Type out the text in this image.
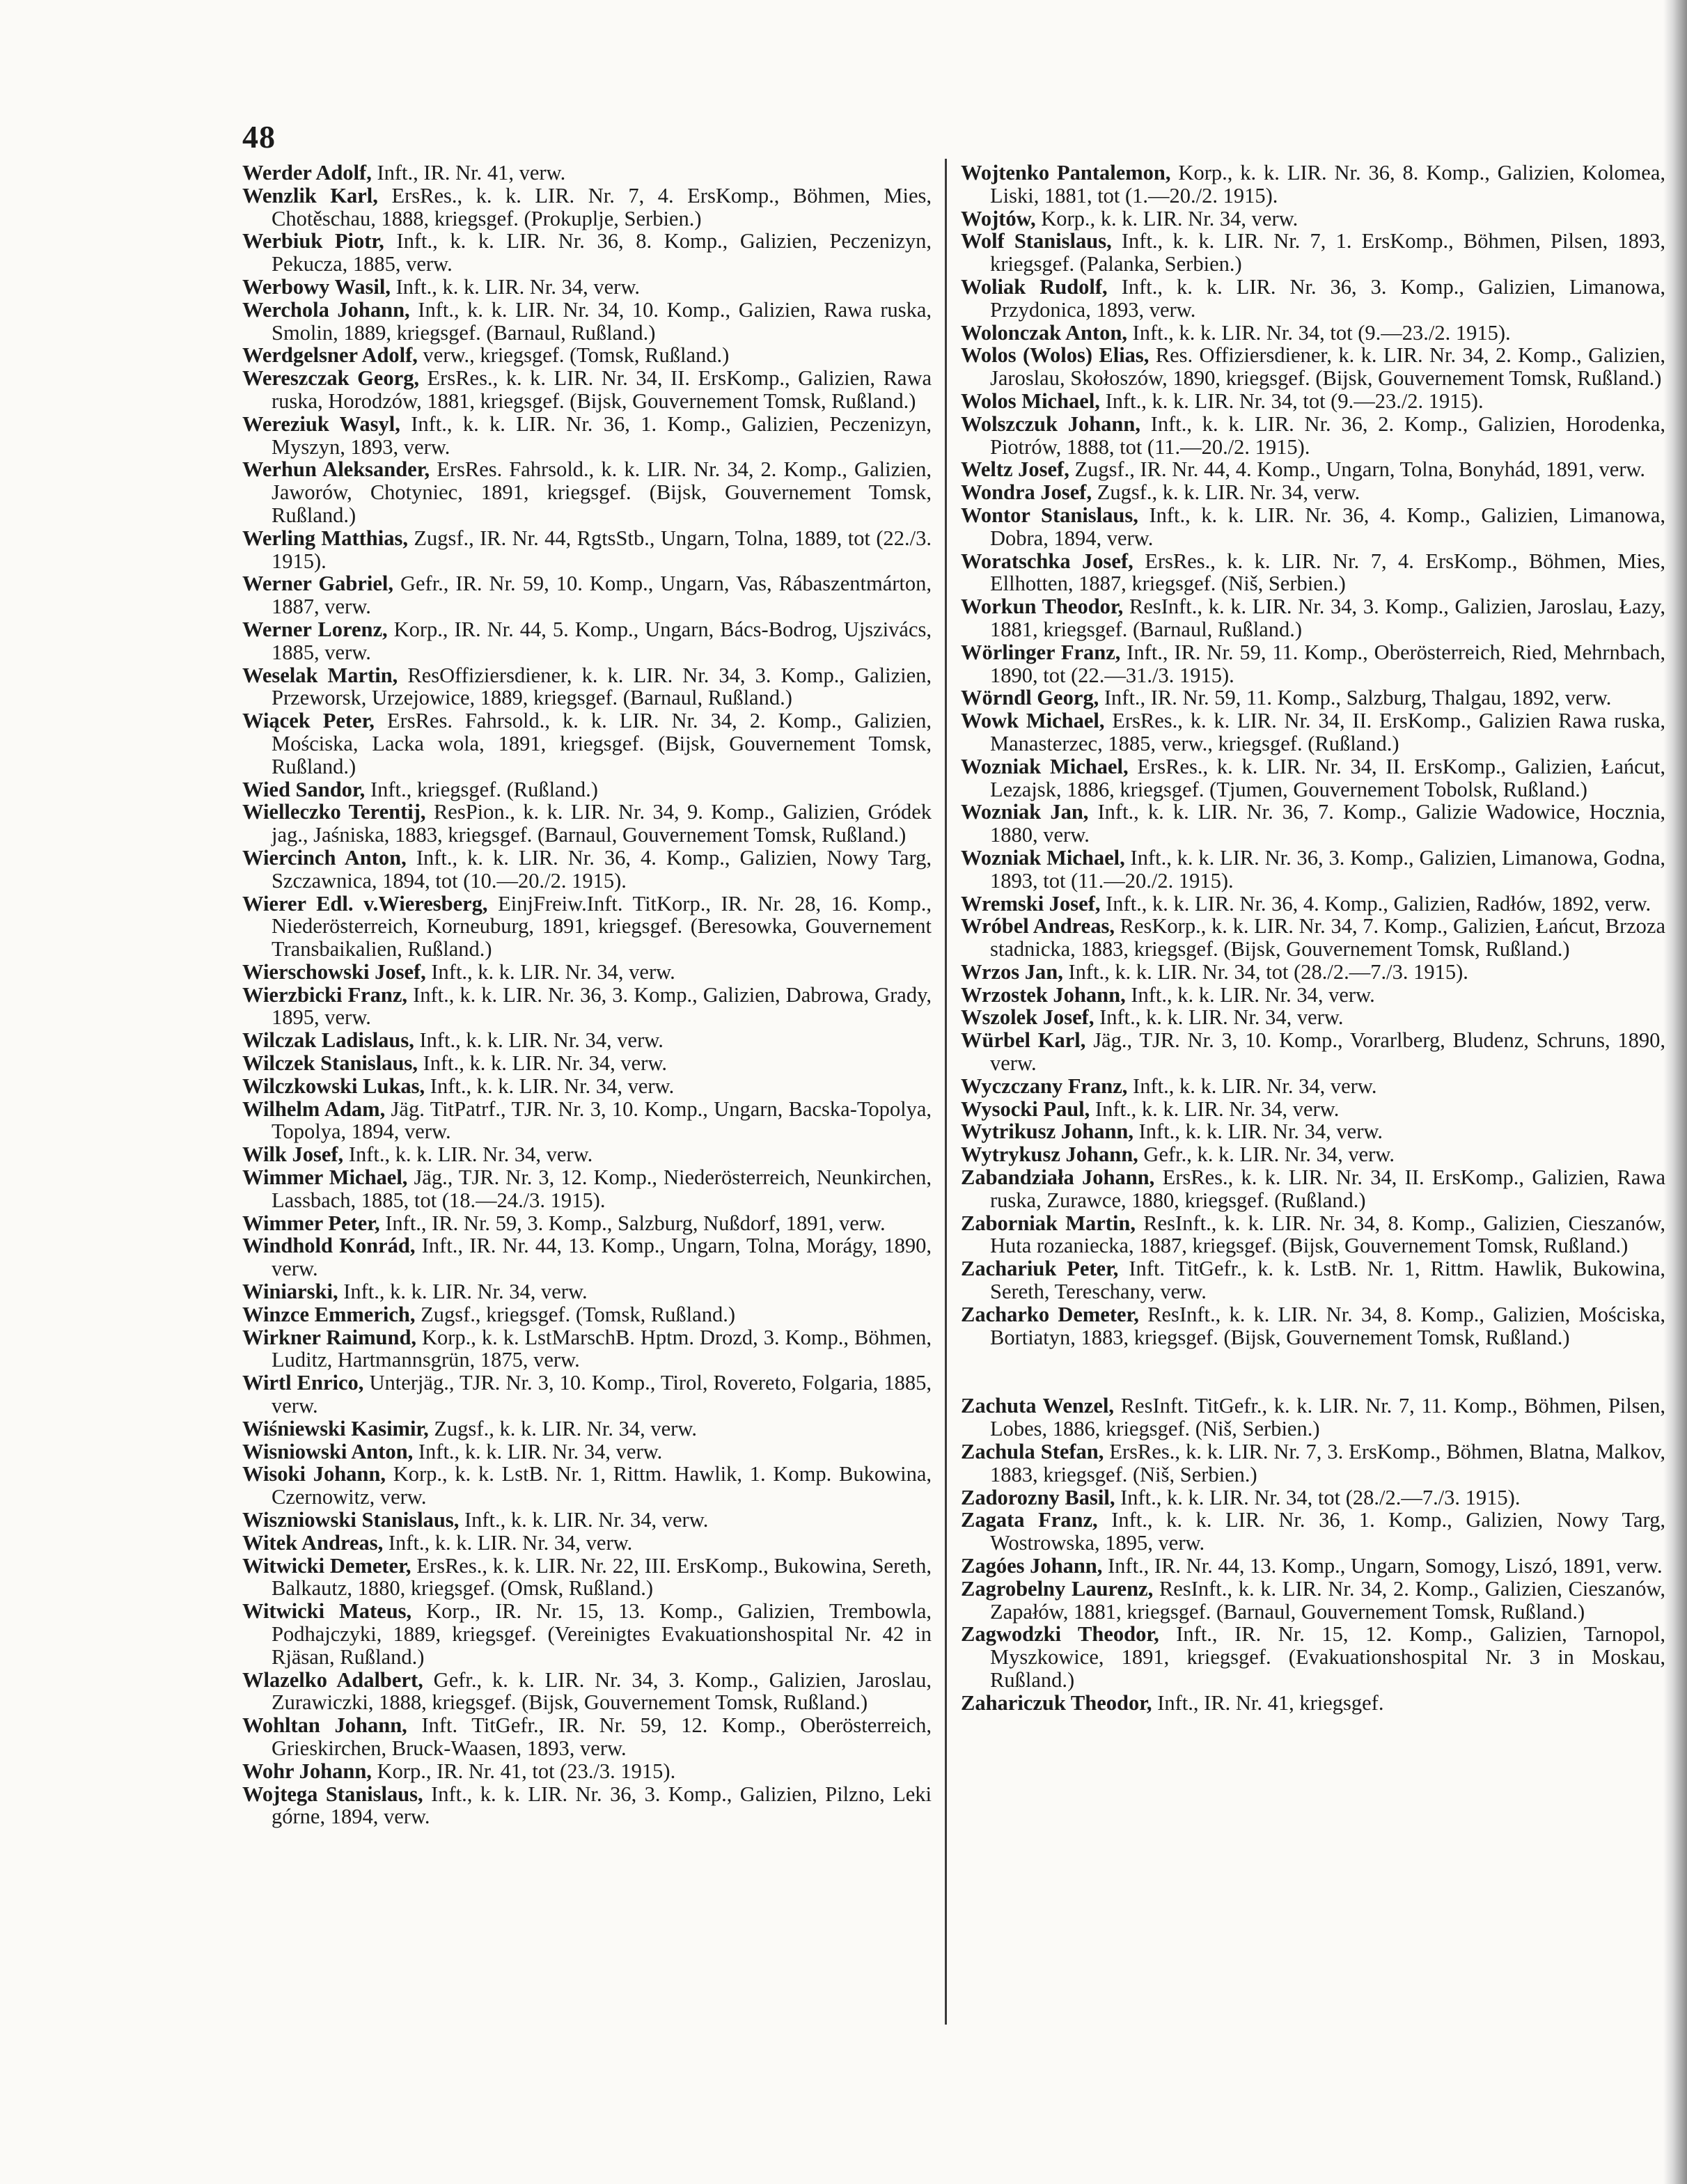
48

Werder Adolf, Inft., IR. Nr. 41, verw.

Wenzlik Karl, ErsRes., k. k. LIR. Nr. 7, 4. ErsKomp., Böhmen, Mies, Chotěschau, 1888, kriegsgef. (Prokuplje, Serbien.)

Werbiuk Piotr, Inft., k. k. LIR. Nr. 36, 8. Komp., Galizien, Peczenizyn, Pekucza, 1885, verw.

Werbowy Wasil, Inft., k. k. LIR. Nr. 34, verw.

Werchola Johann, Inft., k. k. LIR. Nr. 34, 10. Komp., Galizien, Rawa ruska, Smolin, 1889, kriegsgef. (Barnaul, Rußland.)

Werdgelsner Adolf, verw., kriegsgef. (Tomsk, Rußland.)

Wereszczak Georg, ErsRes., k. k. LIR. Nr. 34, II. ErsKomp., Galizien, Rawa ruska, Horodzów, 1881, kriegsgef. (Bijsk, Gouvernement Tomsk, Rußland.)

Wereziuk Wasyl, Inft., k. k. LIR. Nr. 36, 1. Komp., Galizien, Peczenizyn, Myszyn, 1893, verw.

Werhun Aleksander, ErsRes. Fahrsold., k. k. LIR. Nr. 34, 2. Komp., Galizien, Jaworów, Chotyniec, 1891, kriegsgef. (Bijsk, Gouvernement Tomsk, Rußland.)

Werling Matthias, Zugsf., IR. Nr. 44, RgtsStb., Ungarn, Tolna, 1889, tot (22./3. 1915).

Werner Gabriel, Gefr., IR. Nr. 59, 10. Komp., Ungarn, Vas, Rábaszentmárton, 1887, verw.

Werner Lorenz, Korp., IR. Nr. 44, 5. Komp., Ungarn, Bács-Bodrog, Ujszivács, 1885, verw.

Weselak Martin, ResOffiziersdiener, k. k. LIR. Nr. 34, 3. Komp., Galizien, Przeworsk, Urzejowice, 1889, kriegsgef. (Barnaul, Rußland.)

Wiącek Peter, ErsRes. Fahrsold., k. k. LIR. Nr. 34, 2. Komp., Galizien, Mościska, Lacka wola, 1891, kriegsgef. (Bijsk, Gouvernement Tomsk, Rußland.)

Wied Sandor, Inft., kriegsgef. (Rußland.)

Wielleczko Terentij, ResPion., k. k. LIR. Nr. 34, 9. Komp., Galizien, Gródek jag., Jaśniska, 1883, kriegsgef. (Barnaul, Gouvernement Tomsk, Rußland.)

Wiercinch Anton, Inft., k. k. LIR. Nr. 36, 4. Komp., Galizien, Nowy Targ, Szczawnica, 1894, tot (10.—20./2. 1915).

Wierer Edl. v.Wieresberg, EinjFreiw.Inft. TitKorp., IR. Nr. 28, 16. Komp., Niederösterreich, Korneuburg, 1891, kriegsgef. (Beresowka, Gouvernement Transbaikalien, Rußland.)

Wierschowski Josef, Inft., k. k. LIR. Nr. 34, verw.

Wierzbicki Franz, Inft., k. k. LIR. Nr. 36, 3. Komp., Galizien, Dabrowa, Grady, 1895, verw.

Wilczak Ladislaus, Inft., k. k. LIR. Nr. 34, verw.

Wilczek Stanislaus, Inft., k. k. LIR. Nr. 34, verw.

Wilczkowski Lukas, Inft., k. k. LIR. Nr. 34, verw.

Wilhelm Adam, Jäg. TitPatrf., TJR. Nr. 3, 10. Komp., Ungarn, Bacska-Topolya, Topolya, 1894, verw.

Wilk Josef, Inft., k. k. LIR. Nr. 34, verw.

Wimmer Michael, Jäg., TJR. Nr. 3, 12. Komp., Niederösterreich, Neunkirchen, Lassbach, 1885, tot (18.—24./3. 1915).

Wimmer Peter, Inft., IR. Nr. 59, 3. Komp., Salzburg, Nußdorf, 1891, verw.

Windhold Konrád, Inft., IR. Nr. 44, 13. Komp., Ungarn, Tolna, Morágy, 1890, verw.

Winiarski, Inft., k. k. LIR. Nr. 34, verw.

Winzce Emmerich, Zugsf., kriegsgef. (Tomsk, Rußland.)

Wirkner Raimund, Korp., k. k. LstMarschB. Hptm. Drozd, 3. Komp., Böhmen, Luditz, Hartmannsgrün, 1875, verw.

Wirtl Enrico, Unterjäg., TJR. Nr. 3, 10. Komp., Tirol, Rovereto, Folgaria, 1885, verw.

Wiśniewski Kasimir, Zugsf., k. k. LIR. Nr. 34, verw.

Wisniowski Anton, Inft., k. k. LIR. Nr. 34, verw.

Wisoki Johann, Korp., k. k. LstB. Nr. 1, Rittm. Hawlik, 1. Komp. Bukowina, Czernowitz, verw.

Wiszniowski Stanislaus, Inft., k. k. LIR. Nr. 34, verw.

Witek Andreas, Inft., k. k. LIR. Nr. 34, verw.

Witwicki Demeter, ErsRes., k. k. LIR. Nr. 22, III. ErsKomp., Bukowina, Sereth, Balkautz, 1880, kriegsgef. (Omsk, Rußland.)

Witwicki Mateus, Korp., IR. Nr. 15, 13. Komp., Galizien, Trembowla, Podhajczyki, 1889, kriegsgef. (Vereinigtes Evakuationshospital Nr. 42 in Rjäsan, Rußland.)

Wlazelko Adalbert, Gefr., k. k. LIR. Nr. 34, 3. Komp., Galizien, Jaroslau, Zurawiczki, 1888, kriegsgef. (Bijsk, Gouvernement Tomsk, Rußland.)

Wohltan Johann, Inft. TitGefr., IR. Nr. 59, 12. Komp., Oberösterreich, Grieskirchen, Bruck-Waasen, 1893, verw.

Wohr Johann, Korp., IR. Nr. 41, tot (23./3. 1915).

Wojtega Stanislaus, Inft., k. k. LIR. Nr. 36, 3. Komp., Galizien, Pilzno, Leki górne, 1894, verw.

Wojtenko Pantalemon, Korp., k. k. LIR. Nr. 36, 8. Komp., Galizien, Kolomea, Liski, 1881, tot (1.—20./2. 1915).

Wojtów, Korp., k. k. LIR. Nr. 34, verw.

Wolf Stanislaus, Inft., k. k. LIR. Nr. 7, 1. ErsKomp., Böhmen, Pilsen, 1893, kriegsgef. (Palanka, Serbien.)

Woliak Rudolf, Inft., k. k. LIR. Nr. 36, 3. Komp., Galizien, Limanowa, Przydonica, 1893, verw.

Wolonczak Anton, Inft., k. k. LIR. Nr. 34, tot (9.—23./2. 1915).

Wolos (Wolos) Elias, Res. Offiziersdiener, k. k. LIR. Nr. 34, 2. Komp., Galizien, Jaroslau, Skołoszów, 1890, kriegsgef. (Bijsk, Gouvernement Tomsk, Rußland.)

Wolos Michael, Inft., k. k. LIR. Nr. 34, tot (9.—23./2. 1915).

Wolszczuk Johann, Inft., k. k. LIR. Nr. 36, 2. Komp., Galizien, Horodenka, Piotrów, 1888, tot (11.—20./2. 1915).

Weltz Josef, Zugsf., IR. Nr. 44, 4. Komp., Ungarn, Tolna, Bonyhád, 1891, verw.

Wondra Josef, Zugsf., k. k. LIR. Nr. 34, verw.

Wontor Stanislaus, Inft., k. k. LIR. Nr. 36, 4. Komp., Galizien, Limanowa, Dobra, 1894, verw.

Woratschka Josef, ErsRes., k. k. LIR. Nr. 7, 4. ErsKomp., Böhmen, Mies, Ellhotten, 1887, kriegsgef. (Niš, Serbien.)

Workun Theodor, ResInft., k. k. LIR. Nr. 34, 3. Komp., Galizien, Jaroslau, Łazy, 1881, kriegsgef. (Barnaul, Rußland.)

Wörlinger Franz, Inft., IR. Nr. 59, 11. Komp., Oberösterreich, Ried, Mehrnbach, 1890, tot (22.—31./3. 1915).

Wörndl Georg, Inft., IR. Nr. 59, 11. Komp., Salzburg, Thalgau, 1892, verw.

Wowk Michael, ErsRes., k. k. LIR. Nr. 34, II. ErsKomp., Galizien Rawa ruska, Manasterzec, 1885, verw., kriegsgef. (Rußland.)

Wozniak Michael, ErsRes., k. k. LIR. Nr. 34, II. ErsKomp., Galizien, Łańcut, Lezajsk, 1886, kriegsgef. (Tjumen, Gouvernement Tobolsk, Rußland.)

Wozniak Jan, Inft., k. k. LIR. Nr. 36, 7. Komp., Galizie Wadowice, Hocznia, 1880, verw.

Wozniak Michael, Inft., k. k. LIR. Nr. 36, 3. Komp., Galizien, Limanowa, Godna, 1893, tot (11.—20./2. 1915).

Wremski Josef, Inft., k. k. LIR. Nr. 36, 4. Komp., Galizien, Radłów, 1892, verw.

Wróbel Andreas, ResKorp., k. k. LIR. Nr. 34, 7. Komp., Galizien, Łańcut, Brzoza stadnicka, 1883, kriegsgef. (Bijsk, Gouvernement Tomsk, Rußland.)

Wrzos Jan, Inft., k. k. LIR. Nr. 34, tot (28./2.—7./3. 1915).

Wrzostek Johann, Inft., k. k. LIR. Nr. 34, verw.

Wszolek Josef, Inft., k. k. LIR. Nr. 34, verw.

Würbel Karl, Jäg., TJR. Nr. 3, 10. Komp., Vorarlberg, Bludenz, Schruns, 1890, verw.

Wyczczany Franz, Inft., k. k. LIR. Nr. 34, verw.

Wysocki Paul, Inft., k. k. LIR. Nr. 34, verw.

Wytrikusz Johann, Inft., k. k. LIR. Nr. 34, verw.

Wytrykusz Johann, Gefr., k. k. LIR. Nr. 34, verw.

Zabandziała Johann, ErsRes., k. k. LIR. Nr. 34, II. ErsKomp., Galizien, Rawa ruska, Zurawce, 1880, kriegsgef. (Rußland.)

Zaborniak Martin, ResInft., k. k. LIR. Nr. 34, 8. Komp., Galizien, Cieszanów, Huta rozaniecka, 1887, kriegsgef. (Bijsk, Gouvernement Tomsk, Rußland.)

Zachariuk Peter, Inft. TitGefr., k. k. LstB. Nr. 1, Rittm. Hawlik, Bukowina, Sereth, Tereschany, verw.

Zacharko Demeter, ResInft., k. k. LIR. Nr. 34, 8. Komp., Galizien, Mościska, Bortiatyn, 1883, kriegsgef. (Bijsk, Gouvernement Tomsk, Rußland.)

Zachuta Wenzel, ResInft. TitGefr., k. k. LIR. Nr. 7, 11. Komp., Böhmen, Pilsen, Lobes, 1886, kriegsgef. (Niš, Serbien.)

Zachula Stefan, ErsRes., k. k. LIR. Nr. 7, 3. ErsKomp., Böhmen, Blatna, Malkov, 1883, kriegsgef. (Niš, Serbien.)

Zadorozny Basil, Inft., k. k. LIR. Nr. 34, tot (28./2.—7./3. 1915).

Zagata Franz, Inft., k. k. LIR. Nr. 36, 1. Komp., Galizien, Nowy Targ, Wostrowska, 1895, verw.

Zagóes Johann, Inft., IR. Nr. 44, 13. Komp., Ungarn, Somogy, Liszó, 1891, verw.

Zagrobelny Laurenz, ResInft., k. k. LIR. Nr. 34, 2. Komp., Galizien, Cieszanów, Zapałów, 1881, kriegsgef. (Barnaul, Gouvernement Tomsk, Rußland.)

Zagwodzki Theodor, Inft., IR. Nr. 15, 12. Komp., Galizien, Tarnopol, Myszkowice, 1891, kriegsgef. (Evakuationshospital Nr. 3 in Moskau, Rußland.)

Zahariczuk Theodor, Inft., IR. Nr. 41, kriegsgef.
